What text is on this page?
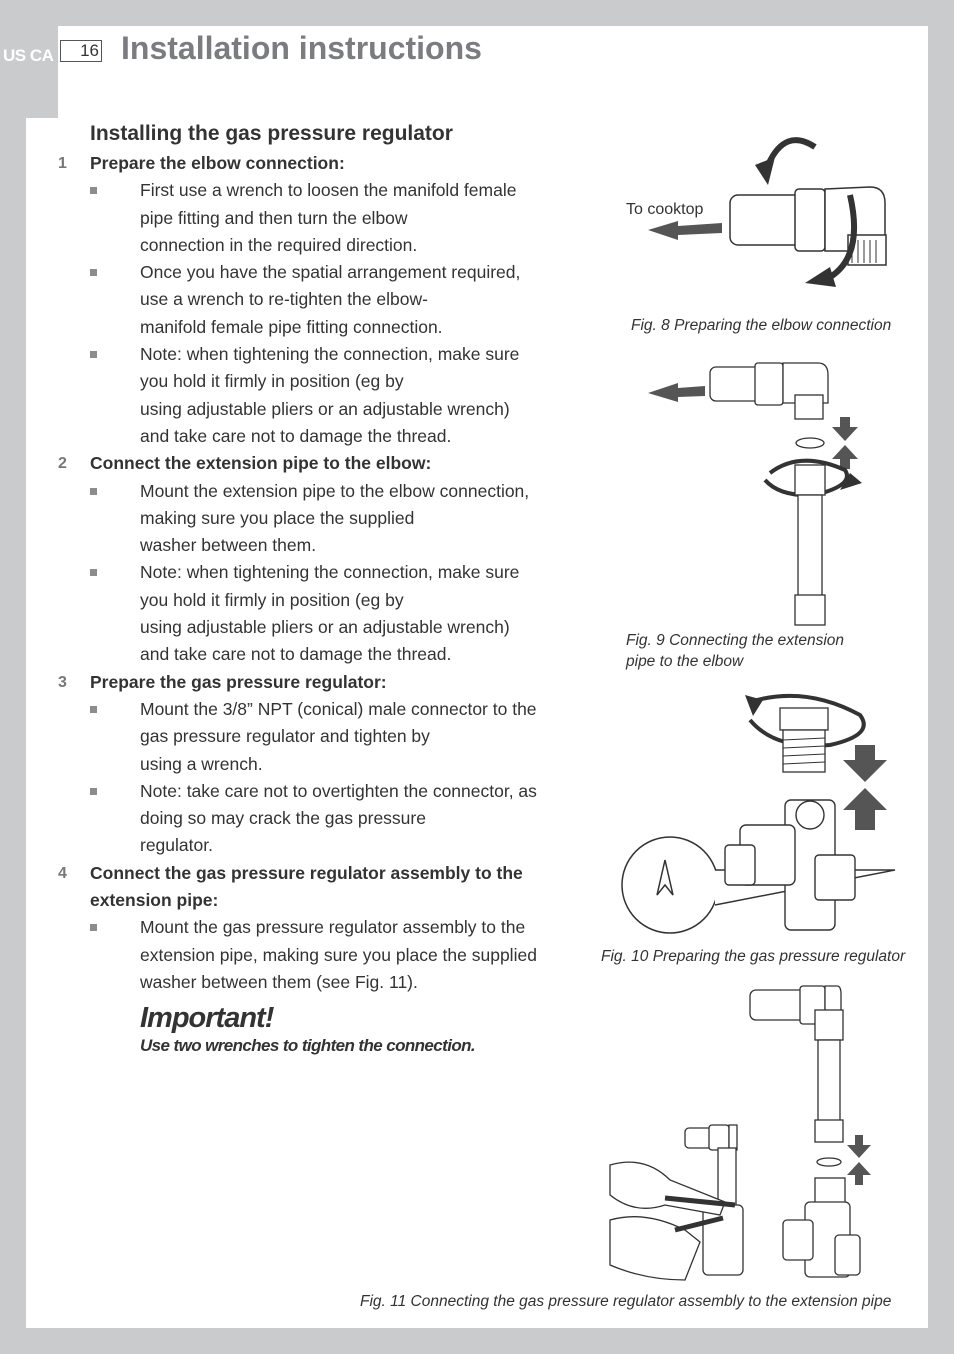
US CA	16 Installation instructions
Installing the gas pressure regulator
1 Prepare the elbow connection:
First use a wrench to loosen the manifold female
pipe fitting and then turn the elbow
connection in the required direction.
Once you have the spatial arrangement required,
use a wrench to re-tighten the elbow-
manifold female pipe fitting connection.
Note: when tightening the connection, make sure
you hold it firmly in position (eg by
using adjustable pliers or an adjustable wrench)
and take care not to damage the thread.
2 Connect the extension pipe to the elbow:
Mount the extension pipe to the elbow connection,
making sure you place the supplied
washer between them.
Note: when tightening the connection, make sure
you hold it firmly in position (eg by
using adjustable pliers or an adjustable wrench)
and take care not to damage the thread.
3 Prepare the gas pressure regulator:
Mount the 3/8” NPT (conical) male connector to the
gas pressure regulator and tighten by
using a wrench.
Note: take care not to overtighten the connector, as
doing so may crack the gas pressure
regulator.
4 Connect the gas pressure regulator assembly to the
extension pipe:
Mount the gas pressure regulator assembly to the
extension pipe, making sure you place the supplied
washer between them (see Fig. 11).
Important!
Use two wrenches to tighten the connection.
To cooktop
Fig. 8 Preparing the elbow connection
Fig. 9 Connecting the extension
pipe to the elbow
Fig. 10 Preparing the gas pressure regulator
Fig. 11 Connecting the gas pressure regulator assembly to the extension pipe
